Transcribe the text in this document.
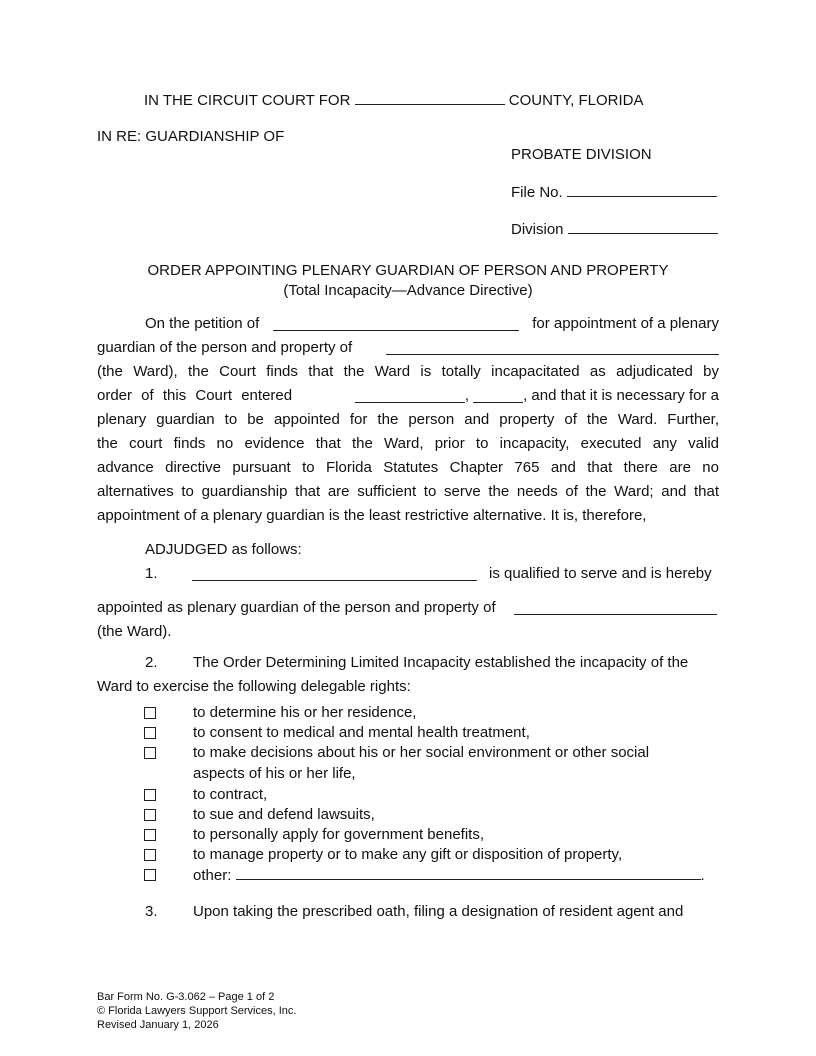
IN THE CIRCUIT COURT FOR	COUNTY, FLORIDA
IN RE: GUARDIANSHIP OF
PROBATE DIVISION
File No.
Division
ORDER APPOINTING PLENARY GUARDIAN OF PERSON AND PROPERTY
(Total Incapacity—Advance Directive)
On the petition of	for appointment of a plenary
guardian of the person and property of
(the Ward), the Court finds that the Ward is totally incapacitated as adjudicated by
order of this Court entered	,	, and that it is necessary for a
plenary guardian to be appointed for the person and property of the Ward. Further,
the court finds no evidence that the Ward, prior to incapacity, executed any valid
advance directive pursuant to Florida Statutes Chapter 765 and that there are no
alternatives to guardianship that are sufficient to serve the needs of the Ward; and that
appointment of a plenary guardian is the least restrictive alternative. It is, therefore,
ADJUDGED as follows:
1.	is qualified to serve and is hereby
appointed as plenary guardian of the person and property of
(the Ward).
2. The Order Determining Limited Incapacity established the incapacity of the
Ward to exercise the following delegable rights:
to determine his or her residence,
to consent to medical and mental health treatment,
to make decisions about his or her social environment or other social
aspects of his or her life,
to contract,
to sue and defend lawsuits,
to personally apply for government benefits,
to manage property or to make any gift or disposition of property,
other:	.
3. Upon taking the prescribed oath, filing a designation of resident agent and
Bar Form No. G-3.062 – Page 1 of 2
© Florida Lawyers Support Services, Inc.
Revised January 1, 2026
